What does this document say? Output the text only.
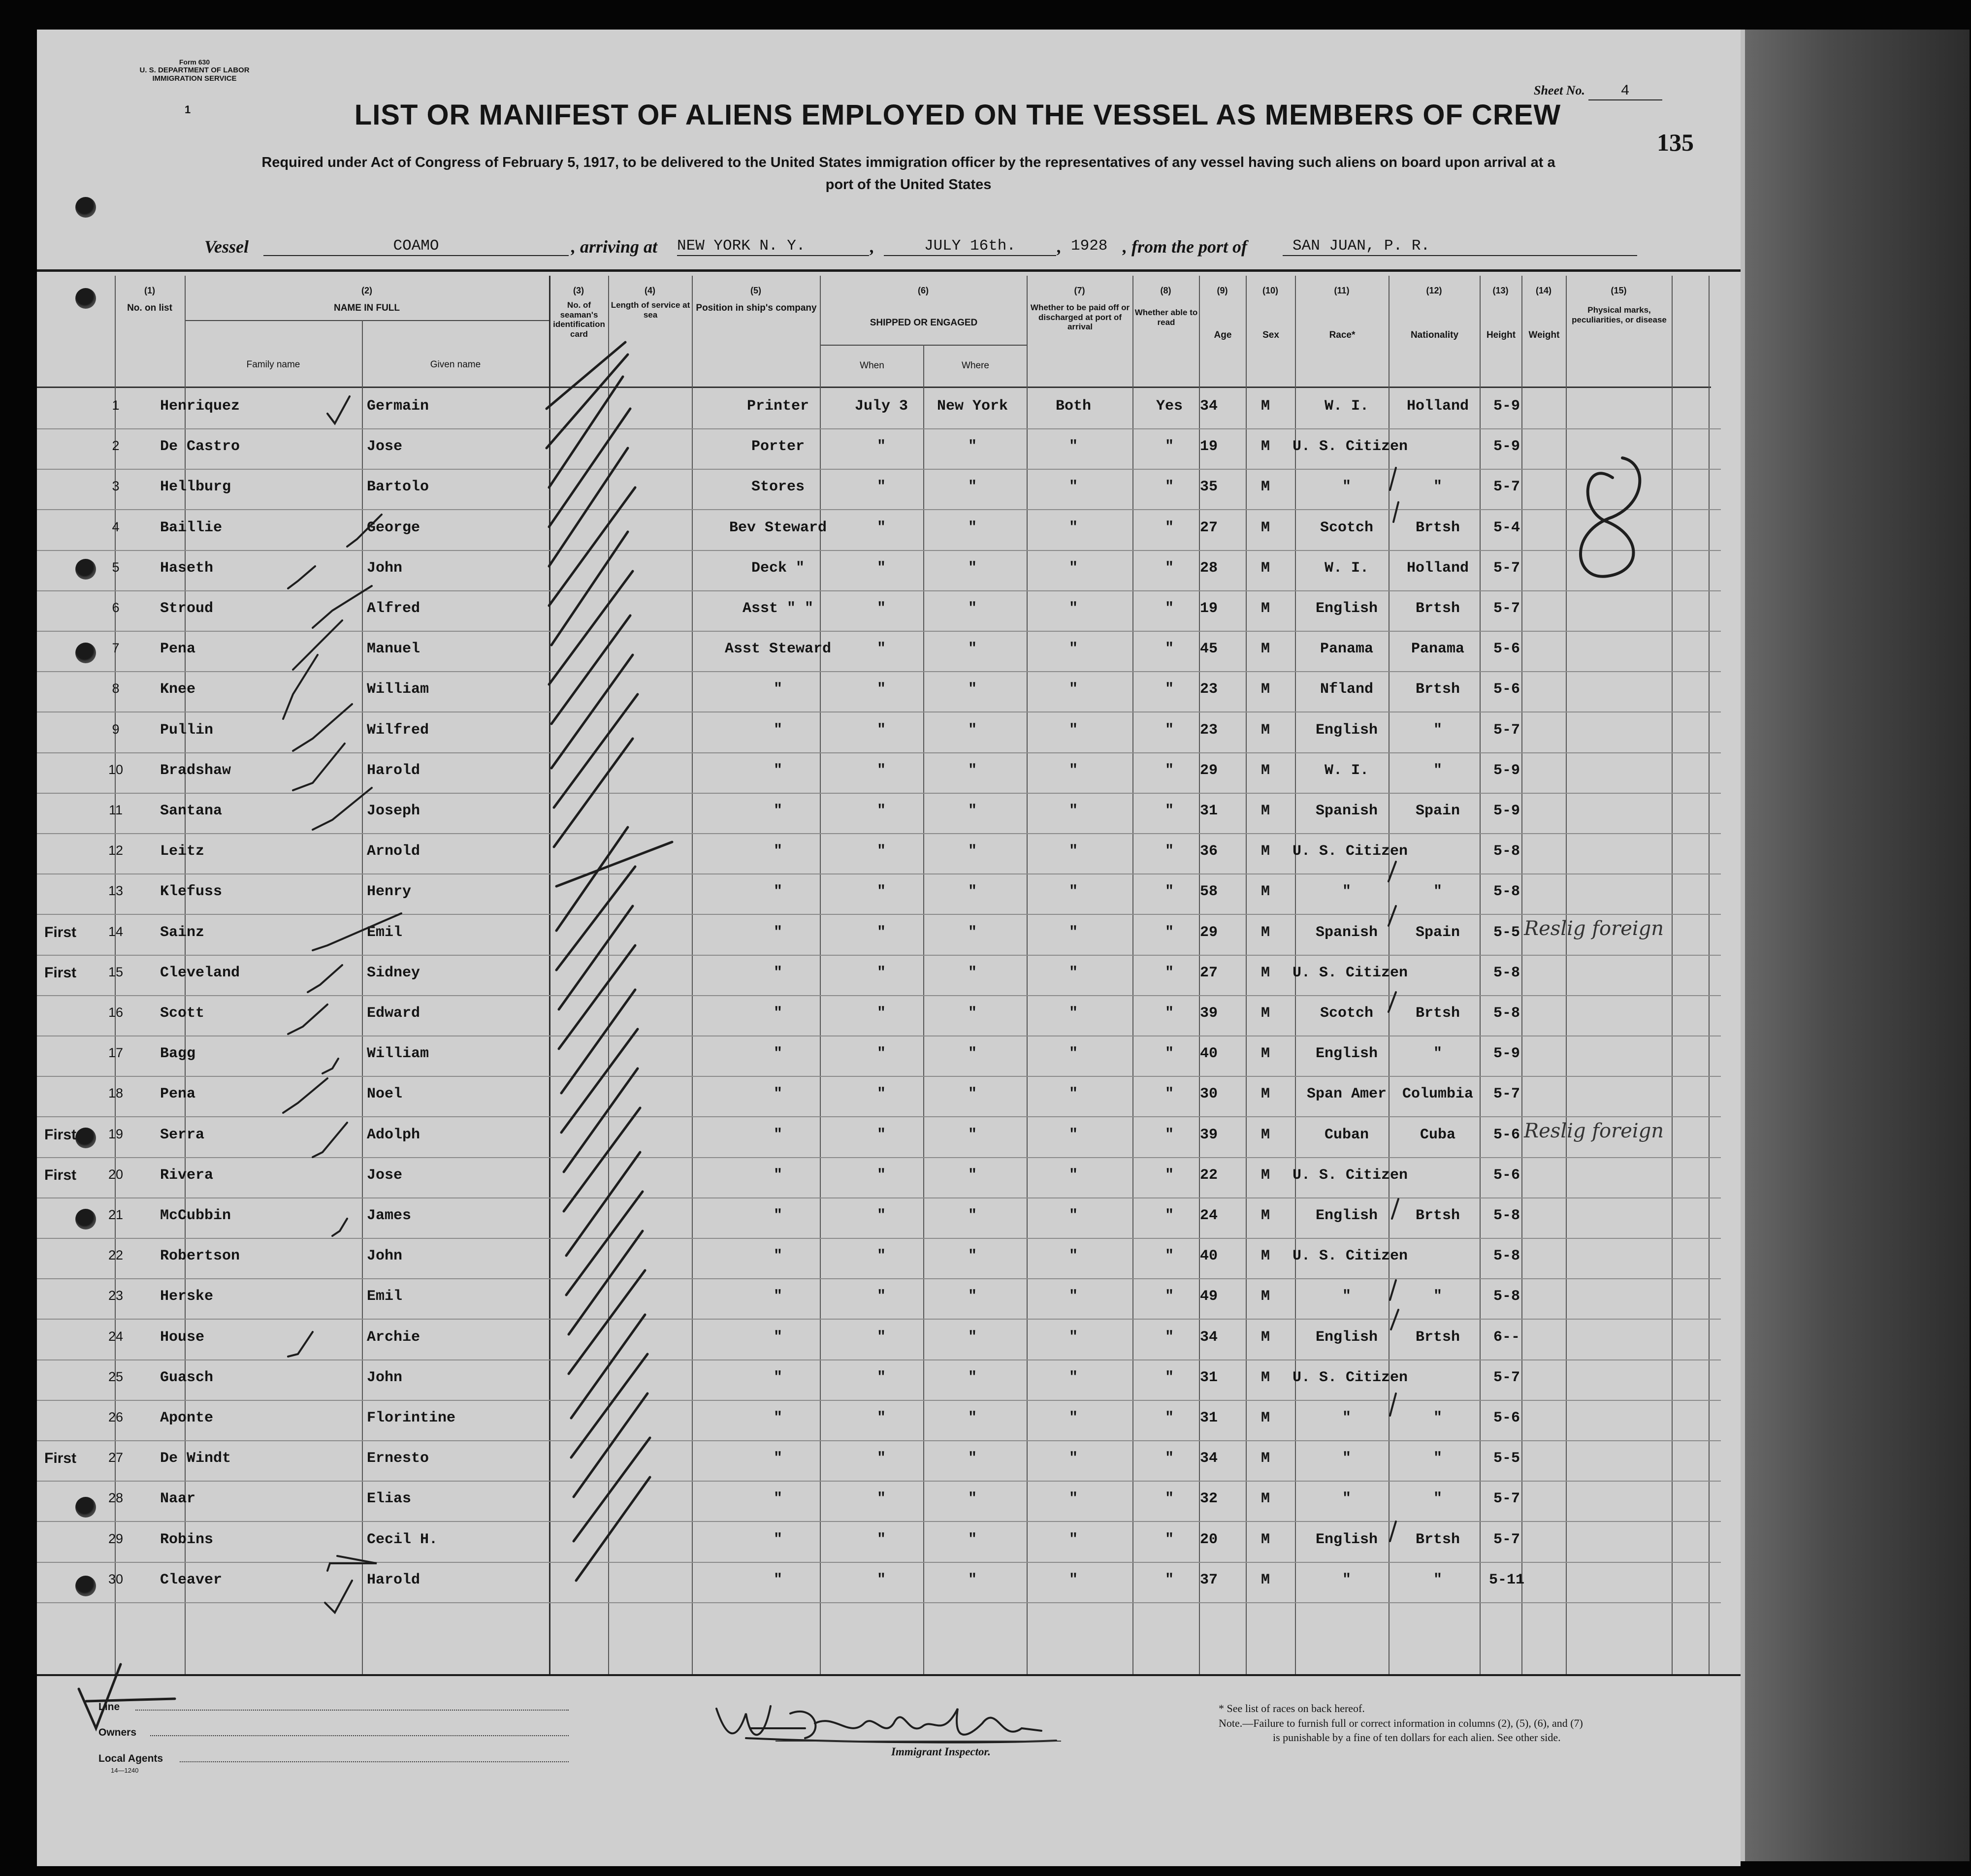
Form 630
U. S. DEPARTMENT OF LABOR
IMMIGRATION SERVICE
1	LIST OR MANIFEST OF ALIENS EMPLOYED ON THE VESSEL AS MEMBERS OF CREW
Sheet No. 4
135
Required under Act of Congress of February 5, 1917, to be delivered to the United States immigration officer by the representatives of any vessel having such aliens on board upon arrival at a
port of the United States
Vessel	COAMO	, arriving at NEW YORK N. Y.	,	JULY 16th.	, 1928 , from the port of	SAN JUAN, P. R.
(1)	(2)	(3)	(4)	(5)	(6)	(7)	(8)	(9)	(10)	(11)	(12)	(13)	(14)	(15)
No. on list	NAME IN FULL
Family name	Given name
No. of seaman's identification card
Length of service at sea
Position in ship's company
SHIPPED OR ENGAGED
When	Where
Whether to be paid off or discharged at port of arrival
Whether able to read
Age	Sex	Race*	Nationality	Height	Weight
Physical marks, peculiarities, or disease
1	Henriquez	Germain	Printer	July 3	New York	Both	Yes	34	M	W. I.	Holland	5-9
2	De Castro	Jose	Porter	"	"	"	"	19	M	U. S. Citizen	5-9
3	Hellburg	Bartolo	Stores	"	"	"	"	35	M	"	"	5-7
4	Baillie	George	Bev Steward	"	"	"	"	27	M	Scotch	Brtsh	5-4
5	Haseth	John	Deck "	"	"	"	"	28	M	W. I.	Holland	5-7
6	Stroud	Alfred	Asst " "	"	"	"	"	19	M	English	Brtsh	5-7
7	Pena	Manuel	Asst Steward	"	"	"	"	45	M	Panama	Panama	5-6
8	Knee	William	"	"	"	"	"	23	M	Nfland	Brtsh	5-6
9	Pullin	Wilfred	"	"	"	"	"	23	M	English	"	5-7
10	Bradshaw	Harold	"	"	"	"	"	29	M	W. I.	"	5-9
11	Santana	Joseph	"	"	"	"	"	31	M	Spanish	Spain	5-9
12	Leitz	Arnold	"	"	"	"	"	36	M	U. S. Citizen	5-8
13	Klefuss	Henry	"	"	"	"	"	58	M	"	"	5-8
First	14	Sainz	Emil	"	"	"	"	"	29	M	Spanish	Spain	5-5 Reslig foreign
First	15	Cleveland	Sidney	"	"	"	"	"	27	M	U. S. Citizen	5-8
16	Scott	Edward	"	"	"	"	"	39	M	Scotch	Brtsh	5-8
17	Bagg	William	"	"	"	"	"	40	M	English	"	5-9
18	Pena	Noel	"	"	"	"	"	30	M	Span Amer	Columbia	5-7
First	19	Serra	Adolph	"	"	"	"	"	39	M	Cuban	Cuba	5-6 Reslig foreign
First	20	Rivera	Jose	"	"	"	"	"	22	M	U. S. Citizen	5-6
21	McCubbin	James	"	"	"	"	"	24	M	English	Brtsh	5-8
22	Robertson	John	"	"	"	"	"	40	M	U. S. Citizen	5-8
23	Herske	Emil	"	"	"	"	"	49	M	"	"	5-8
24	House	Archie	"	"	"	"	"	34	M	English	Brtsh	6--
25	Guasch	John	"	"	"	"	"	31	M	U. S. Citizen	5-7
26	Aponte	Florintine	"	"	"	"	"	31	M	"	"	5-6
First	27	De Windt	Ernesto	"	"	"	"	"	34	M	"	"	5-5
28	Naar	Elias	"	"	"	"	"	32	M	"	"	5-7
29	Robins	Cecil H.	"	"	"	"	"	20	M	English	Brtsh	5-7
30	Cleaver	Harold	"	"	"	"	"	37	M	"	"	5-11
Line
Owners
Local Agents
14—1240
Immigrant Inspector.
* See list of races on back hereof.
Note.—Failure to furnish full or correct information in columns (2), (5), (6), and (7)
is punishable by a fine of ten dollars for each alien. See other side.
